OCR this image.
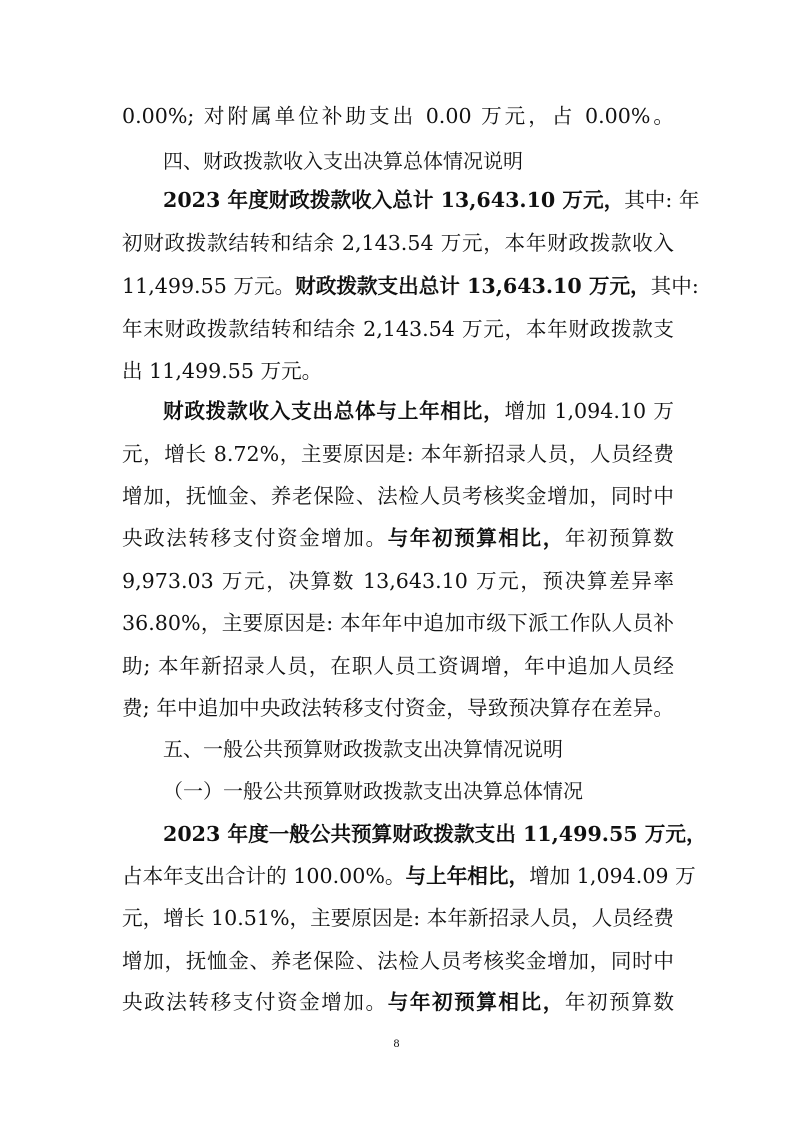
0.00%; 对附属单位补助支出 0.00 万元，占 0.00%。
四、财政拨款收入支出决算总体情况说明
2023 年度财政拨款收入总计 13,643.10 万元，其中: 年
初财政拨款结转和结余 2,143.54 万元，本年财政拨款收入
11,499.55 万元。财政拨款支出总计 13,643.10 万元，其中:
年末财政拨款结转和结余 2,143.54 万元，本年财政拨款支
出 11,499.55 万元。
财政拨款收入支出总体与上年相比，增加 1,094.10 万
元，增长 8.72%，主要原因是: 本年新招录人员，人员经费
增加，抚恤金、养老保险、法检人员考核奖金增加，同时中
央政法转移支付资金增加。与年初预算相比，年初预算数
9,973.03 万元，决算数 13,643.10 万元，预决算差异率
36.80%，主要原因是: 本年年中追加市级下派工作队人员补
助; 本年新招录人员，在职人员工资调增，年中追加人员经
费; 年中追加中央政法转移支付资金，导致预决算存在差异。
五、一般公共预算财政拨款支出决算情况说明
（一）一般公共预算财政拨款支出决算总体情况
2023 年度一般公共预算财政拨款支出 11,499.55 万元，
占本年支出合计的 100.00%。与上年相比，增加 1,094.09 万
元，增长 10.51%，主要原因是: 本年新招录人员，人员经费
增加，抚恤金、养老保险、法检人员考核奖金增加，同时中
央政法转移支付资金增加。与年初预算相比，年初预算数
8
